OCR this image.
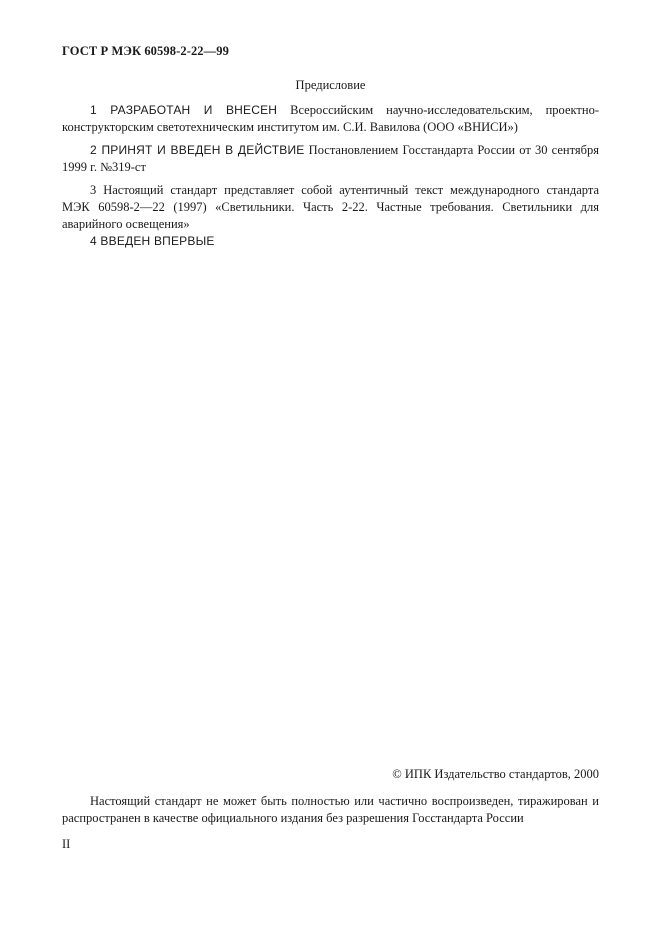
ГОСТ Р МЭК 60598-2-22—99
Предисловие
1 РАЗРАБОТАН И ВНЕСЕН Всероссийским научно-исследовательским, проектно-конструкторским светотехническим институтом им. С.И. Вавилова (ООО «ВНИСИ»)
2 ПРИНЯТ И ВВЕДЕН В ДЕЙСТВИЕ Постановлением Госстандарта России от 30 сентября 1999 г. №319-ст
3 Настоящий стандарт представляет собой аутентичный текст международного стандарта МЭК 60598-2—22 (1997) «Светильники. Часть 2-22. Частные требования. Светильники для аварийного освещения»
4 ВВЕДЕН ВПЕРВЫЕ
© ИПК Издательство стандартов, 2000
Настоящий стандарт не может быть полностью или частично воспроизведен, тиражирован и распространен в качестве официального издания без разрешения Госстандарта России
II
